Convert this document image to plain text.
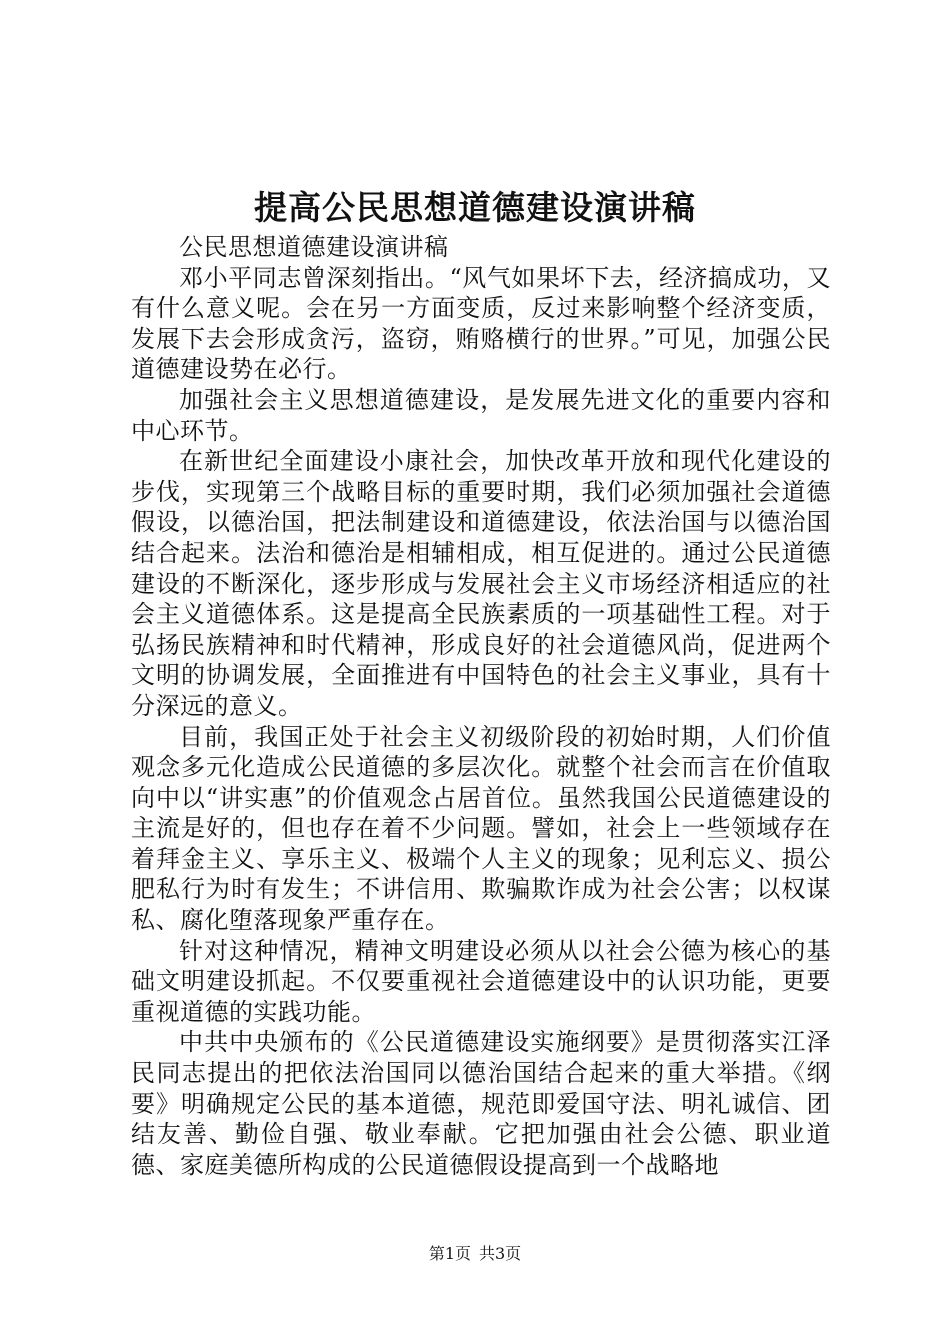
提高公民思想道德建设演讲稿

公民思想道德建设演讲稿

邓小平同志曾深刻指出。“风气如果坏下去，经济搞成功，又有什么意义呢。会在另一方面变质，反过来影响整个经济变质，发展下去会形成贪污，盗窃，贿赂横行的世界。”可见，加强公民道德建设势在必行。

加强社会主义思想道德建设，是发展先进文化的重要内容和中心环节。

在新世纪全面建设小康社会，加快改革开放和现代化建设的步伐，实现第三个战略目标的重要时期，我们必须加强社会道德假设，以德治国，把法制建设和道德建设，依法治国与以德治国结合起来。法治和德治是相辅相成，相互促进的。通过公民道德建设的不断深化，逐步形成与发展社会主义市场经济相适应的社会主义道德体系。这是提高全民族素质的一项基础性工程。对于弘扬民族精神和时代精神，形成良好的社会道德风尚，促进两个文明的协调发展，全面推进有中国特色的社会主义事业，具有十分深远的意义。

目前，我国正处于社会主义初级阶段的初始时期，人们价值观念多元化造成公民道德的多层次化。就整个社会而言在价值取向中以“讲实惠”的价值观念占居首位。虽然我国公民道德建设的主流是好的，但也存在着不少问题。譬如，社会上一些领域存在着拜金主义、享乐主义、极端个人主义的现象；见利忘义、损公肥私行为时有发生；不讲信用、欺骗欺诈成为社会公害；以权谋私、腐化堕落现象严重存在。

针对这种情况，精神文明建设必须从以社会公德为核心的基础文明建设抓起。不仅要重视社会道德建设中的认识功能，更要重视道德的实践功能。

中共中央颁布的《公民道德建设实施纲要》是贯彻落实江泽民同志提出的把依法治国同以德治国结合起来的重大举措。《纲要》明确规定公民的基本道德，规范即爱国守法、明礼诚信、团结友善、勤俭自强、敬业奉献。它把加强由社会公德、职业道德、家庭美德所构成的公民道德假设提高到一个战略地

第1页 共3页
